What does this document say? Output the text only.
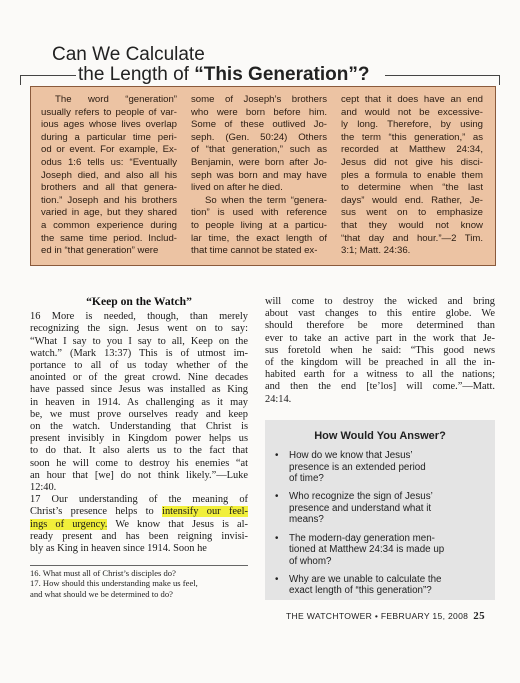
Can We Calculate
the Length of “This Generation”?
The word “generation”
usually refers to people of var-
ious ages whose lives overlap
during a particular time peri-
od or event. For example, Ex-
odus 1:6 tells us: “Eventually
Joseph died, and also all his
brothers and all that genera-
tion.” Joseph and his brothers
varied in age, but they shared
a common experience during
the same time period. Includ-
ed in “that generation” were
some of Joseph’s brothers
who were born before him.
Some of these outlived Jo-
seph. (Gen. 50:24) Others
of “that generation,” such as
Benjamin, were born after Jo-
seph was born and may have
lived on after he died.
So when the term “genera-
tion” is used with reference
to people living at a particu-
lar time, the exact length of
that time cannot be stated ex-
cept that it does have an end
and would not be excessive-
ly long. Therefore, by using
the term “this generation,” as
recorded at Matthew 24:34,
Jesus did not give his disci-
ples a formula to enable them
to determine when “the last
days” would end. Rather, Je-
sus went on to emphasize
that they would not know
“that day and hour.”—2 Tim.
3:1; Matt. 24:36.
“Keep on the Watch”
16 More is needed, though, than merely
recognizing the sign. Jesus went on to say:
“What I say to you I say to all, Keep on the
watch.” (Mark 13:37) This is of utmost im-
portance to all of us today whether of the
anointed or of the great crowd. Nine decades
have passed since Jesus was installed as King
in heaven in 1914. As challenging as it may
be, we must prove ourselves ready and keep
on the watch. Understanding that Christ is
present invisibly in Kingdom power helps us
to do that. It also alerts us to the fact that
soon he will come to destroy his enemies “at
an hour that [we] do not think likely.”—Luke
12:40.
17 Our understanding of the meaning of
Christ’s presence helps to intensify our feel-
ings of urgency. We know that Jesus is al-
ready present and has been reigning invisi-
bly as King in heaven since 1914. Soon he
will come to destroy the wicked and bring
about vast changes to this entire globe. We
should therefore be more determined than
ever to take an active part in the work that Je-
sus foretold when he said: “This good news
of the kingdom will be preached in all the in-
habited earth for a witness to all the nations;
and then the end [te’los] will come.”—Matt.
24:14.
16. What must all of Christ’s disciples do?
17. How should this understanding make us feel,
and what should we be determined to do?
How Would You Answer?
• How do we know that Jesus’
presence is an extended period
of time?
• Who recognize the sign of Jesus’
presence and understand what it
means?
• The modern-day generation men-
tioned at Matthew 24:34 is made up
of whom?
• Why are we unable to calculate the
exact length of “this generation”?
THE WATCHTOWER • FEBRUARY 15, 2008 25
